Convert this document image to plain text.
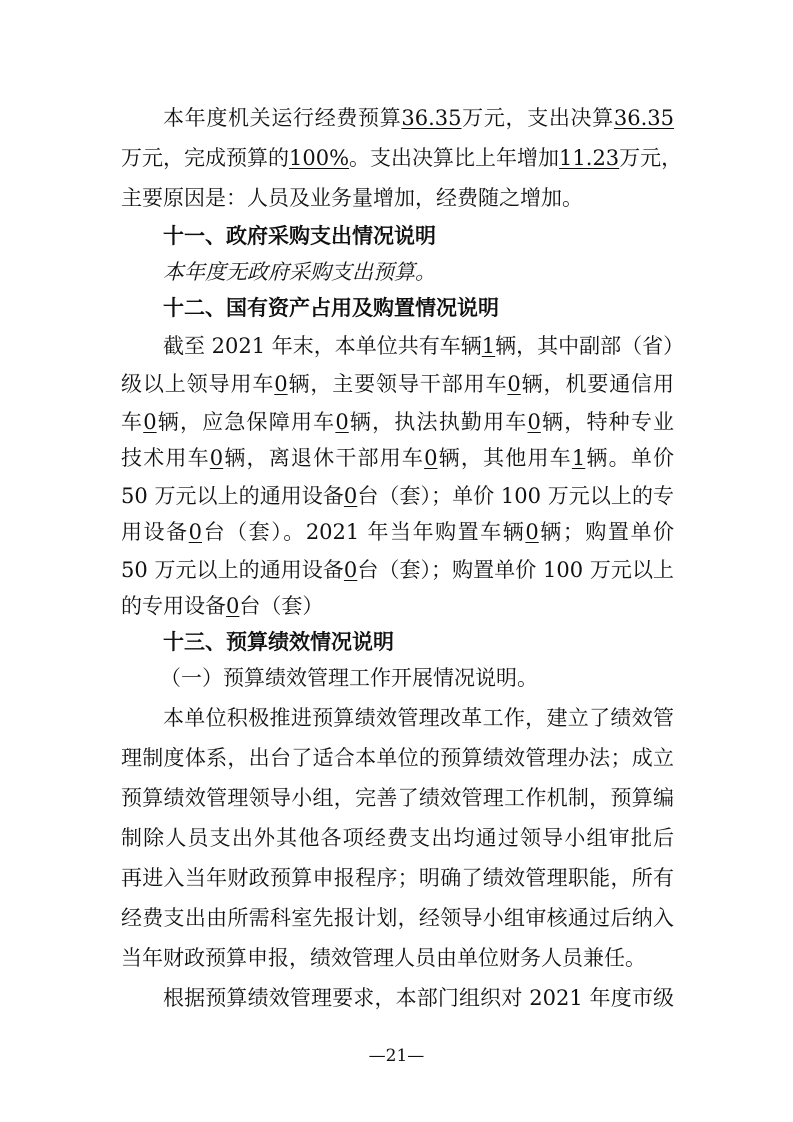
本年度机关运行经费预算36.35万元，支出决算36.35
万元，完成预算的100%。支出决算比上年增加11.23万元，
主要原因是：人员及业务量增加，经费随之增加。
十一、政府采购支出情况说明
本年度无政府采购支出预算。
十二、国有资产占用及购置情况说明
截至 2021 年末，本单位共有车辆1辆，其中副部（省）
级以上领导用车0辆，主要领导干部用车0辆，机要通信用
车0辆，应急保障用车0辆，执法执勤用车0辆，特种专业
技术用车0辆，离退休干部用车0辆，其他用车1辆。单价
50 万元以上的通用设备0台（套）；单价 100 万元以上的专
用设备0台（套）。2021 年当年购置车辆0辆；购置单价
50 万元以上的通用设备0台（套）；购置单价 100 万元以上
的专用设备0台（套）
十三、预算绩效情况说明
（一）预算绩效管理工作开展情况说明。
本单位积极推进预算绩效管理改革工作，建立了绩效管
理制度体系，出台了适合本单位的预算绩效管理办法；成立
预算绩效管理领导小组，完善了绩效管理工作机制，预算编
制除人员支出外其他各项经费支出均通过领导小组审批后
再进入当年财政预算申报程序；明确了绩效管理职能，所有
经费支出由所需科室先报计划，经领导小组审核通过后纳入
当年财政预算申报，绩效管理人员由单位财务人员兼任。
根据预算绩效管理要求，本部门组织对 2021 年度市级
—21—
